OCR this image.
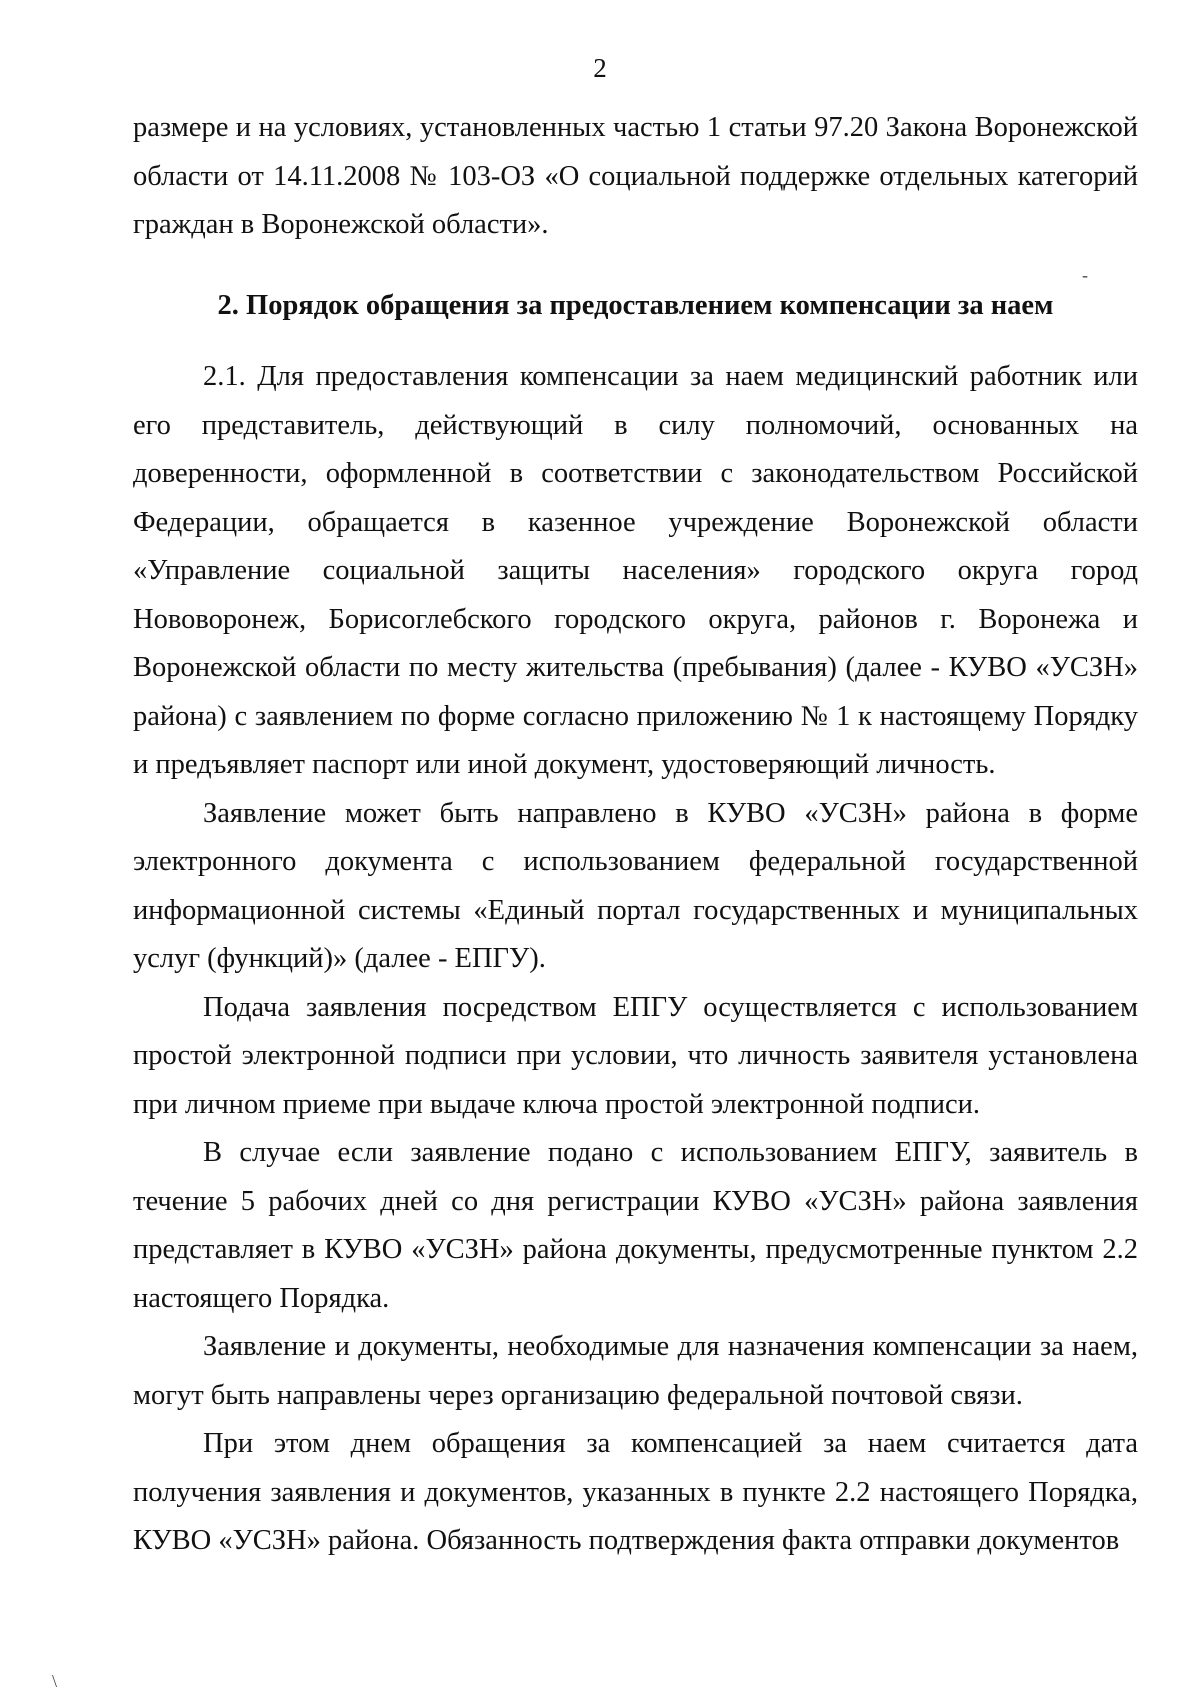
2

размере и на условиях, установленных частью 1 статьи 97.20 Закона Воронежской области от 14.11.2008 № 103-ОЗ «О социальной поддержке отдельных категорий граждан в Воронежской области».

2. Порядок обращения за предоставлением компенсации за наем

2.1. Для предоставления компенсации за наем медицинский работник или его представитель, действующий в силу полномочий, основанных на доверенности, оформленной в соответствии с законодательством Российской Федерации, обращается в казенное учреждение Воронежской области «Управление социальной защиты населения» городского округа город Нововоронеж, Борисоглебского городского округа, районов г. Воронежа и Воронежской области по месту жительства (пребывания) (далее - КУВО «УСЗН» района) с заявлением по форме согласно приложению № 1 к настоящему Порядку и предъявляет паспорт или иной документ, удостоверяющий личность.

Заявление может быть направлено в КУВО «УСЗН» района в форме электронного документа с использованием федеральной государственной информационной системы «Единый портал государственных и муниципальных услуг (функций)» (далее - ЕПГУ).

Подача заявления посредством ЕПГУ осуществляется с использованием простой электронной подписи при условии, что личность заявителя установлена при личном приеме при выдаче ключа простой электронной подписи.

В случае если заявление подано с использованием ЕПГУ, заявитель в течение 5 рабочих дней со дня регистрации КУВО «УСЗН» района заявления представляет в КУВО «УСЗН» района документы, предусмотренные пунктом 2.2 настоящего Порядка.

Заявление и документы, необходимые для назначения компенсации за наем, могут быть направлены через организацию федеральной почтовой связи.

При этом днем обращения за компенсацией за наем считается дата получения заявления и документов, указанных в пункте 2.2 настоящего Порядка, КУВО «УСЗН» района. Обязанность подтверждения факта отправки документов

-
\
